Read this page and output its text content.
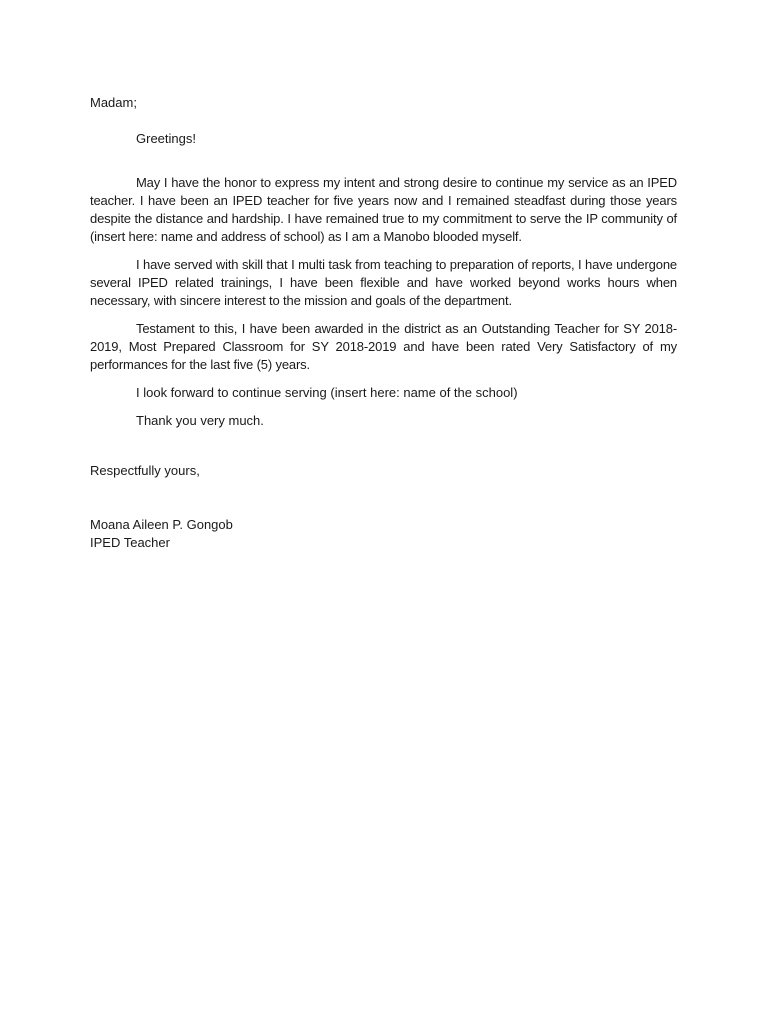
Madam;

Greetings!

May I have the honor to express my intent and strong desire to continue my service as an IPED teacher. I have been an IPED teacher for five years now and I remained steadfast during those years despite the distance and hardship. I have remained true to my commitment to serve the IP community of (insert here: name and address of school) as I am a Manobo blooded myself.

I have served with skill that I multi task from teaching to preparation of reports, I have undergone several IPED related trainings, I have been flexible and have worked beyond works hours when necessary, with sincere interest to the mission and goals of the department.

Testament to this, I have been awarded in the district as an Outstanding Teacher for SY 2018-2019, Most Prepared Classroom for SY 2018-2019 and have been rated Very Satisfactory of my performances for the last five (5) years.

I look forward to continue serving (insert here: name of the school)

Thank you very much.

Respectfully yours,

Moana Aileen P. Gongob

IPED Teacher
